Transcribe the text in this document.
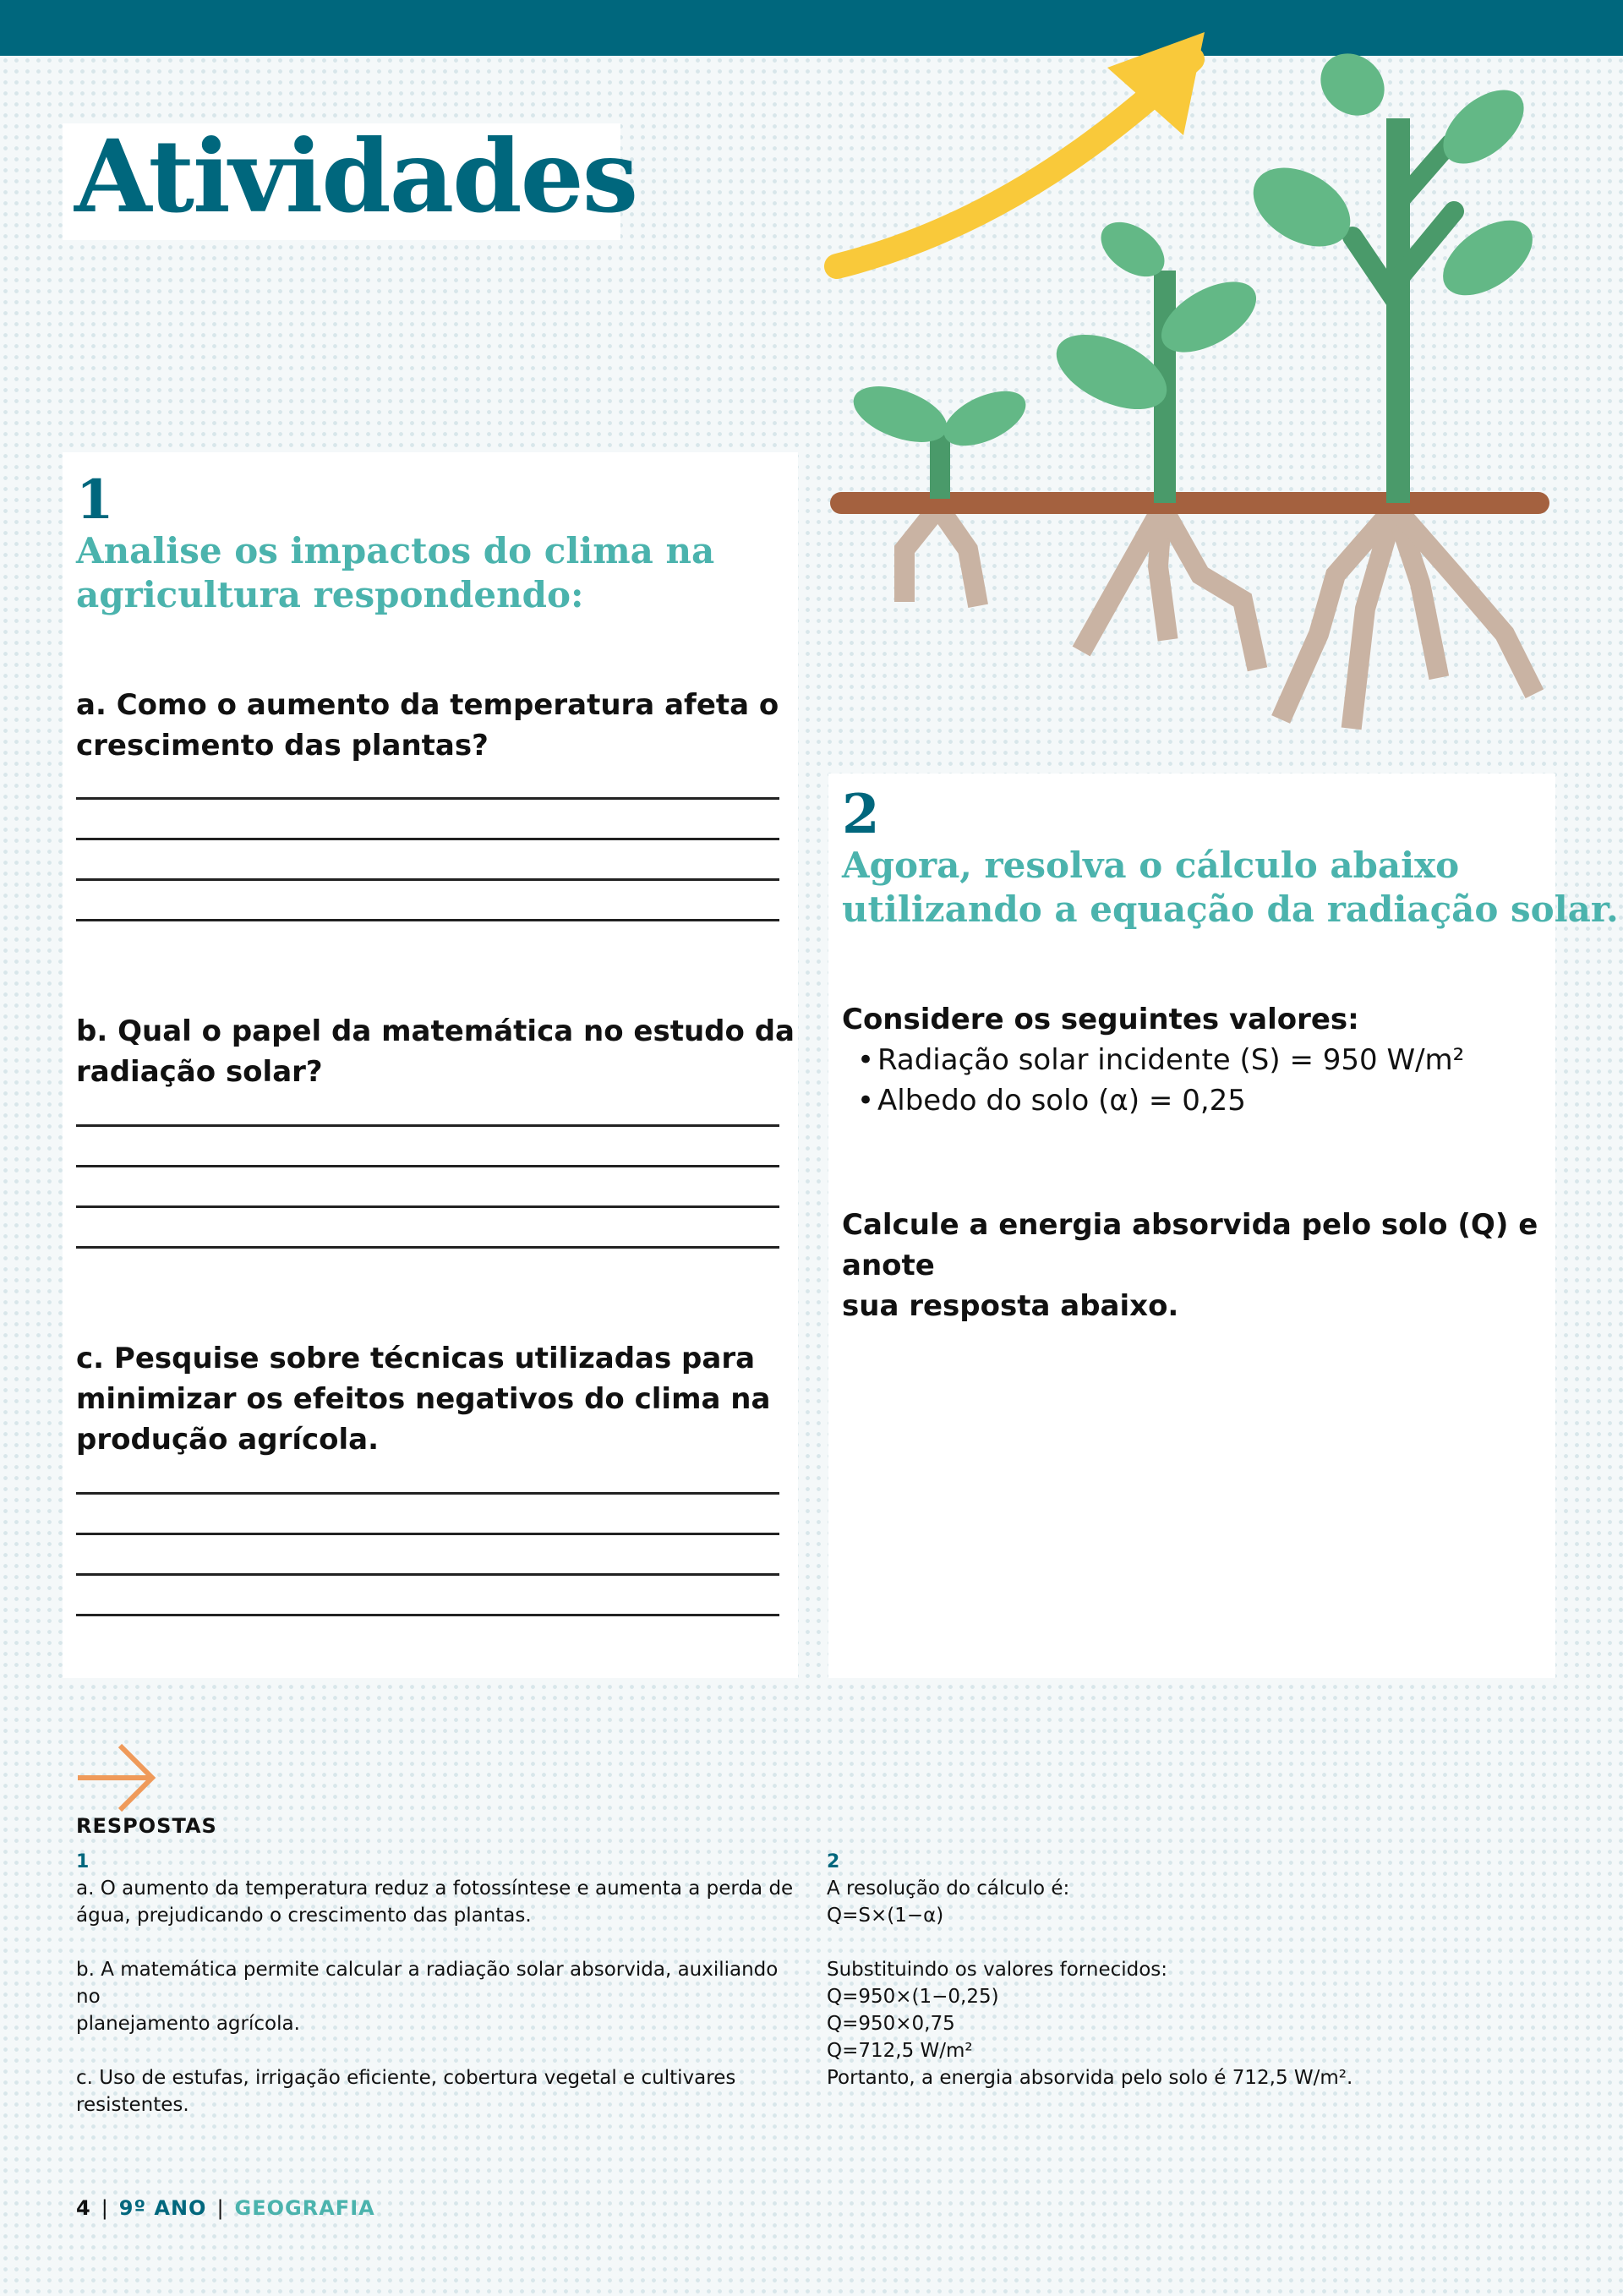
Atividades
1
Analise os impactos do clima na
agricultura respondendo:
a. Como o aumento da temperatura afeta o
crescimento das plantas?
b. Qual o papel da matemática no estudo da
radiação solar?
c. Pesquise sobre técnicas utilizadas para
minimizar os efeitos negativos do clima na
produção agrícola.
2
Agora, resolva o cálculo abaixo
utilizando a equação da radiação solar.
Considere os seguintes valores:
• Radiação solar incidente (S) = 950 W/m²
• Albedo do solo (α) = 0,25
Calcule a energia absorvida pelo solo (Q) e anote
sua resposta abaixo.
RESPOSTAS
1
a. O aumento da temperatura reduz a fotossíntese e aumenta a perda de
água, prejudicando o crescimento das plantas.

b. A matemática permite calcular a radiação solar absorvida, auxiliando no
planejamento agrícola.

c. Uso de estufas, irrigação eficiente, cobertura vegetal e cultivares
resistentes.
2
A resolução do cálculo é:
Q=S×(1−α)

Substituindo os valores fornecidos:
Q=950×(1−0,25)
Q=950×0,75
Q=712,5 W/m²
Portanto, a energia absorvida pelo solo é 712,5 W/m².
4 | 9º ANO | GEOGRAFIA
